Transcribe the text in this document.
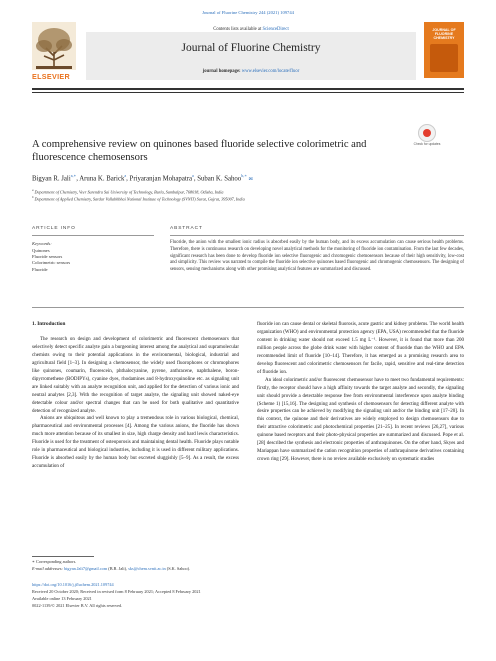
Journal of Fluorine Chemistry 244 (2021) 109744
ELSEVIER
Contents lists available at ScienceDirect
Journal of Fluorine Chemistry
journal homepage: www.elsevier.com/locate/fluor
JOURNAL OF FLUORINE CHEMISTRY
A comprehensive review on quinones based fluoride selective colorimetric and fluorescence chemosensors
Check for updates
Bigyan R. Jali$^{a,∗}$, Aruna K. Barick$^a$, Priyaranjan Mohapatra$^a$, Suban K. Sahoo$^{b,∗}$ ✉
$^a$ Department of Chemistry, Veer Surendra Sai University of Technology, Burla, Sambalpur, 768018, Odisha, India
$^b$ Department of Applied Chemistry, Sardar Vallabhbhai National Institute of Technology (SVNIT) Surat, Gujrat, 395007, India
ARTICLE INFO	ABSTRACT
Keywords:
Quinones
Fluoride sensors
Colorimetric sensors
Fluoride
Fluoride, the anion with the smallest ionic radius is absorbed easily by the human body, and its excess accumulation can cause serious health problems. Therefore, there is continuous research on developing novel analytical methods for the monitoring of fluoride ion contamination. From the last few decades, significant research has been done to develop fluoride ion selective fluorogenic and chromogenic chemosensors because of their high sensitivity, low-cost and simplicity. This review was narrated to compile the fluoride ion selective quinones based fluorogenic and chromogenic chemosensors. The designing of sensors, sensing mechanisms along with other promising analytical features are summarized and discussed.
1. Introduction

The research on design and development of colorimetric and fluorescent chemosensors that selectively detect specific analyte gain a burgeoning interest among the analytical and supramolecular chemists owing to their potential applications in the environmental, biological, industrial and agricultural field [1–3]. In designing a chemosensor, the widely used fluorophores or chromophores like quinones, coumarin, fluorescein, phthalocyanine, pyrene, anthracene, naphthalene, boron-dipyrromethene (BODIPYs), cyanine dyes, rhodamines and 8-hydroxyquinoline etc. as signaling unit are linked suitably with an analyte recognition unit, and applied for the detection of various ionic and neutral analytes [2,3]. With the recognition of target analyte, the signaling unit showed naked-eye detectable colour and/or spectral changes that can be used for both qualitative and quantitative detection of recognized analyte.

Anions are ubiquitous and well known to play a tremendous role in various biological, chemical, pharmaceutical and environmental processes [4]. Among the various anions, the fluoride has shown much more attention because of its smallest in size, high charge density and hard lewis characteristics. Fluoride is used for the treatment of osteoporosis and maintaining dental health. Fluoride plays notable role in pharmaceutical and biological industries, including it is used in different military applications. Fluoride is absorbed easily by the human body but excreted sluggishly [5–9]. As a result, the excess accumulation of

fluoride ion can cause dental or skeletal fluorosis, acute gastric and kidney problems. The world health organization (WHO) and environmental protection agency (EPA, USA) recommended that the fluoride content in drinking water should not exceed 1.5 mg L⁻¹. However, it is found that more than 200 million people across the globe drink water with higher content of fluoride than the WHO and EPA recommended limit of fluoride [10–14]. Therefore, it has emerged as a promising research area to develop fluorescent and colorimetric chemosensors for facile, rapid, sensitive and real-time detection of fluoride ion.

An ideal colorimetric and/or fluorescent chemosensor have to meet two fundamental requirements: firstly, the receptor should have a high affinity towards the target analyte and secondly, the signaling unit should provide a detectable response free from environmental interference upon analyte binding (Scheme 1) [15,16]. The designing and synthesis of chemosensors for detecting different analyte with desire properties can be achieved by modifying the signaling unit and/or the binding unit [17–20]. In this context, the quinone and their derivatives are widely employed to design chemosensors due to their attractive colorimetric and photochemical properties [21–25]. In recent reviews [26,27], various quinone based receptors and their photo-physical properties are summarized and discussed. Pope et al. [28] described the synthesis and electronic properties of anthraquinones. On the other hand, Skyes and Mariappan have summarized the cation recognition properties of anthraquinone derivatives containing crown ring [29]. However, there is no review available exclusively on systematic studies

∗ Corresponding authors.
E-mail addresses: bigyan.Jali7@gmail.com (B.R. Jali), sks@chem.svnit.ac.in (S.K. Sahoo).
https://doi.org/10.1016/j.jfluchem.2021.109744
Received 20 October 2020; Received in revised form 8 February 2021; Accepted 8 February 2021
Available online 13 February 2021
0022-1139/© 2021 Elsevier B.V. All rights reserved.
